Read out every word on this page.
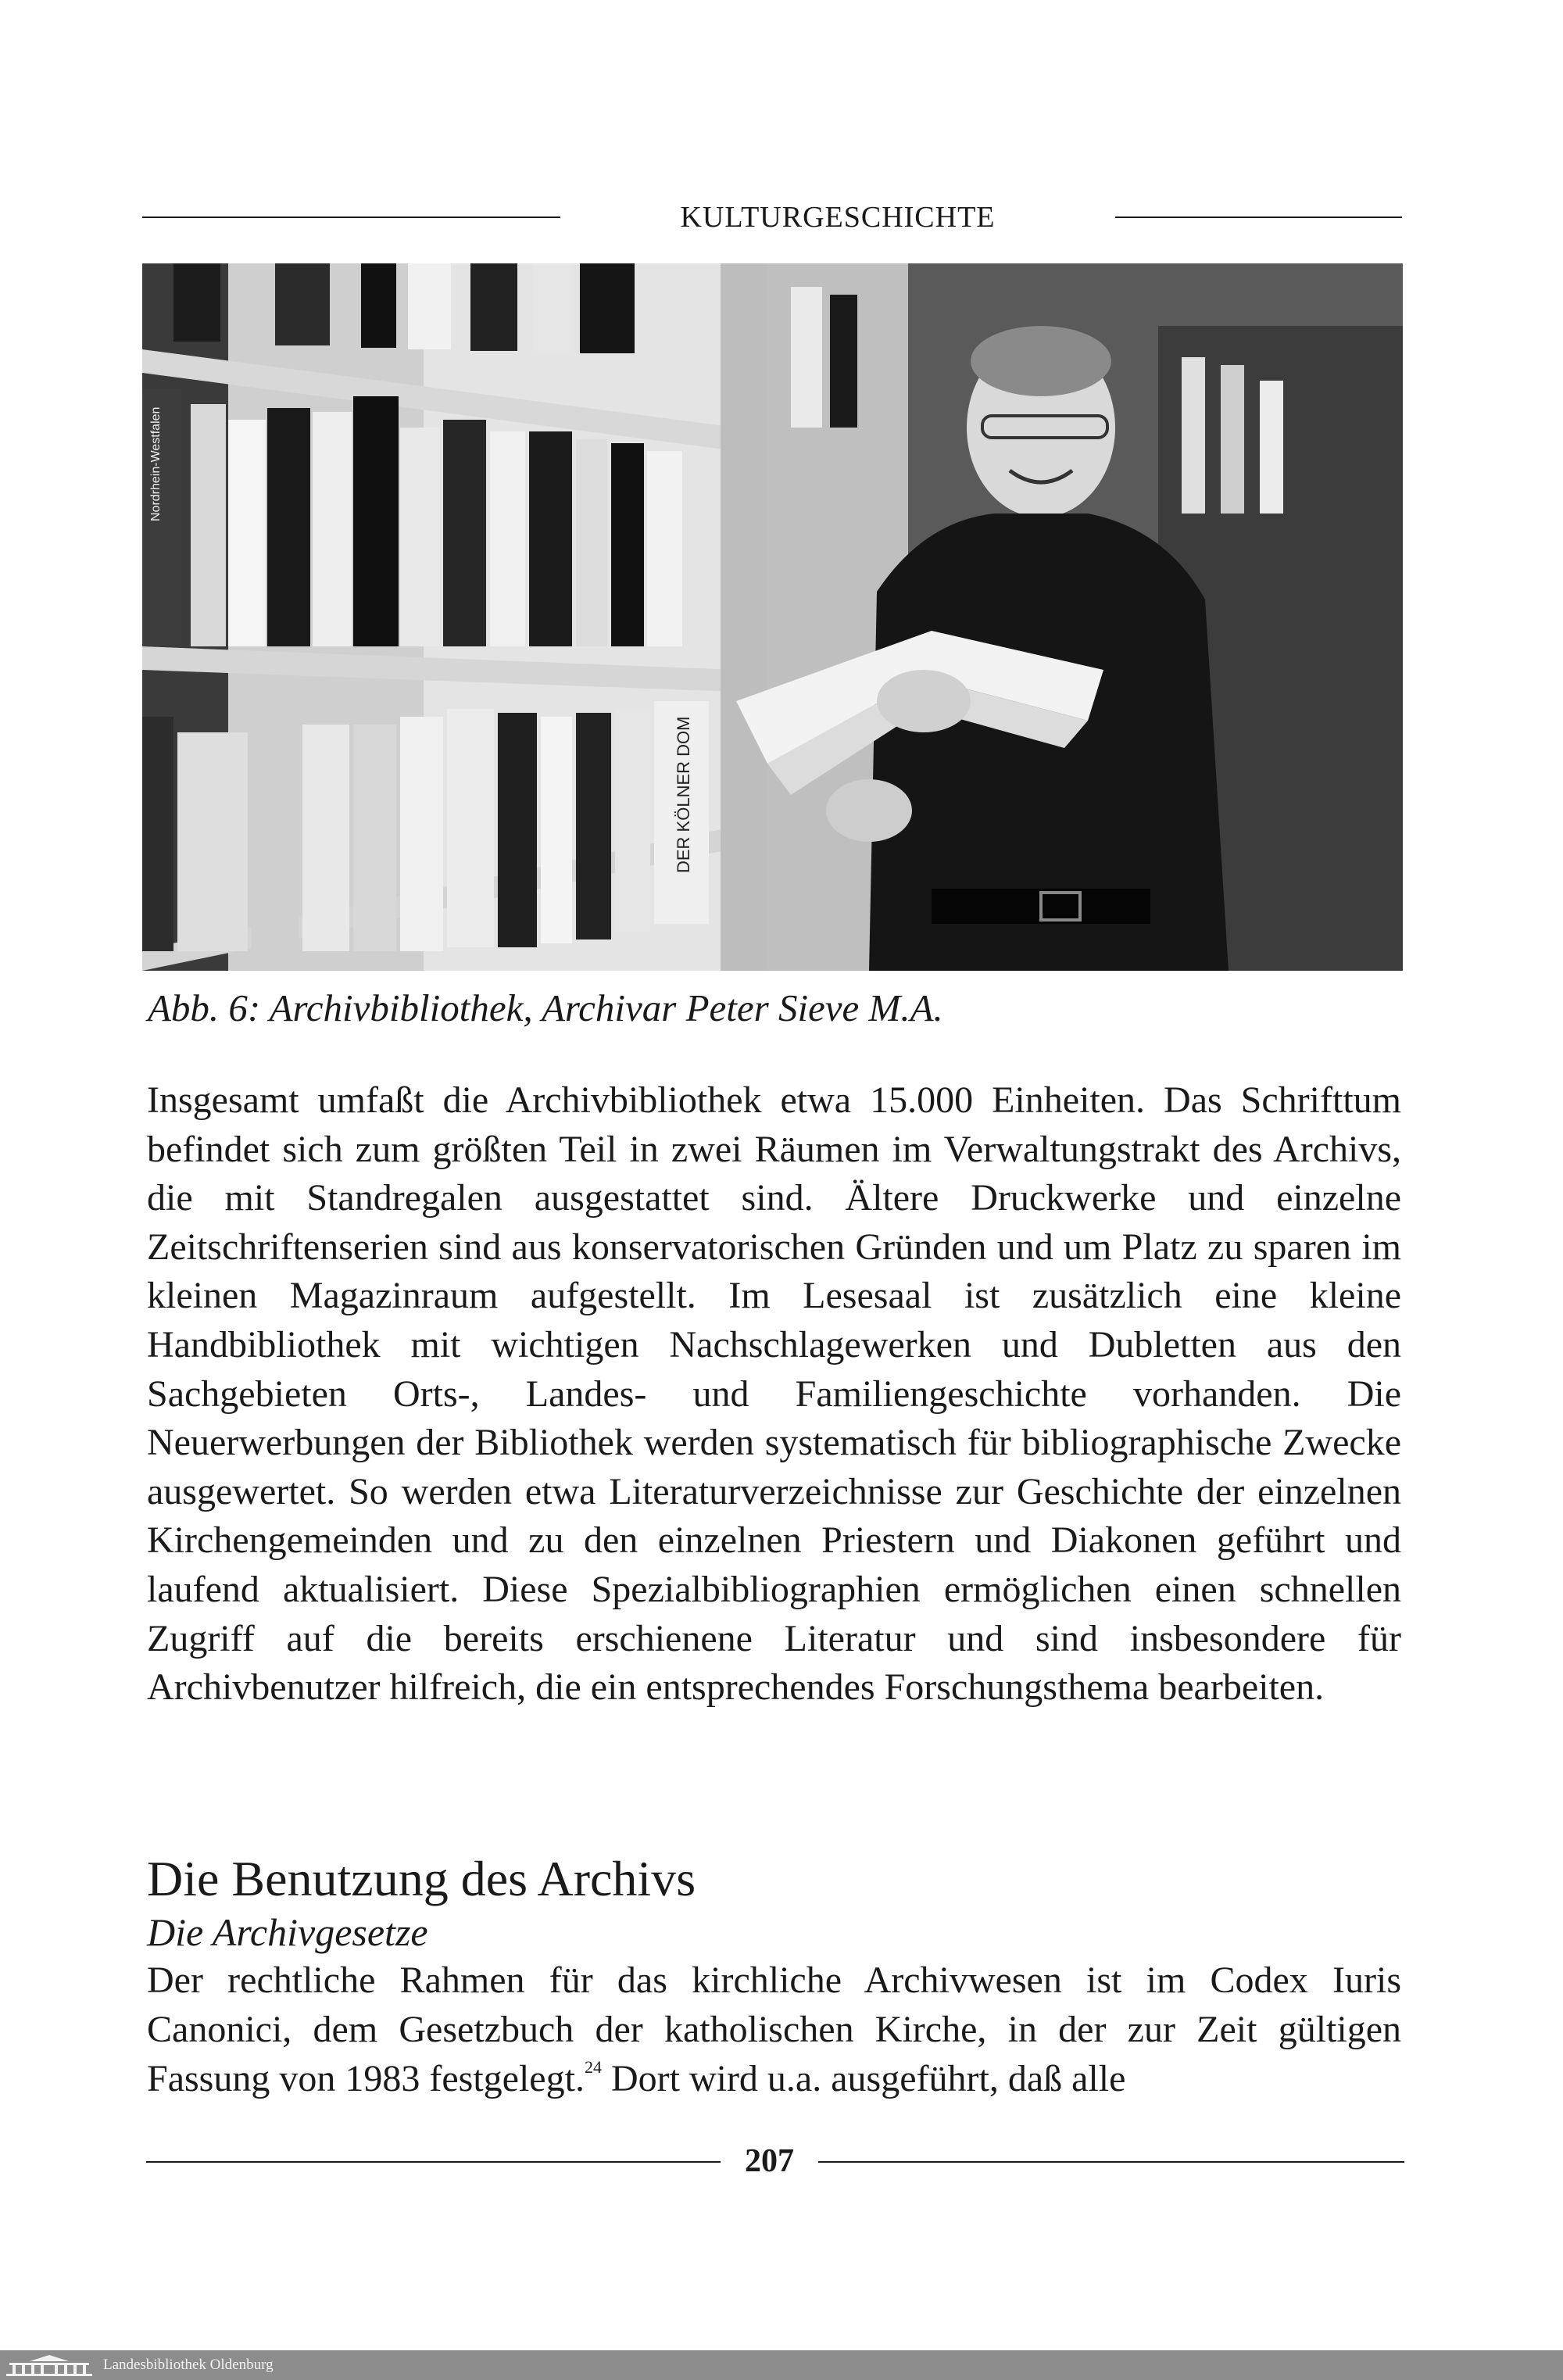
KULTURGESCHICHTE
Nordrhein-Westfalen
DER KÖLNER DOM
Abb. 6: Archivbibliothek, Archivar Peter Sieve M.A.

Insgesamt umfaßt die Archivbibliothek etwa 15.000 Einheiten. Das Schrifttum befindet sich zum größten Teil in zwei Räumen im Verwaltungstrakt des Archivs, die mit Standregalen ausgestattet sind. Ältere Druckwerke und einzelne Zeitschriftenserien sind aus konservatorischen Gründen und um Platz zu sparen im kleinen Magazinraum aufgestellt. Im Lesesaal ist zusätzlich eine kleine Handbibliothek mit wichtigen Nachschlagewerken und Dubletten aus den Sachgebieten Orts-, Landes- und Familiengeschichte vorhanden. Die Neuerwerbungen der Bibliothek werden systematisch für bibliographische Zwecke ausgewertet. So werden etwa Literaturverzeichnisse zur Geschichte der einzelnen Kirchengemeinden und zu den einzelnen Priestern und Diakonen geführt und laufend aktualisiert. Diese Spezialbibliographien ermöglichen einen schnellen Zugriff auf die bereits erschienene Literatur und sind insbesondere für Archivbenutzer hilfreich, die ein entsprechendes Forschungsthema bearbeiten.

Die Benutzung des Archivs
Die Archivgesetze
Der rechtliche Rahmen für das kirchliche Archivwesen ist im Codex Iuris Canonici, dem Gesetzbuch der katholischen Kirche, in der zur Zeit gültigen Fassung von 1983 festgelegt.$^{24}$ Dort wird u.a. ausgeführt, daß alle
207
Landesbibliothek Oldenburg
